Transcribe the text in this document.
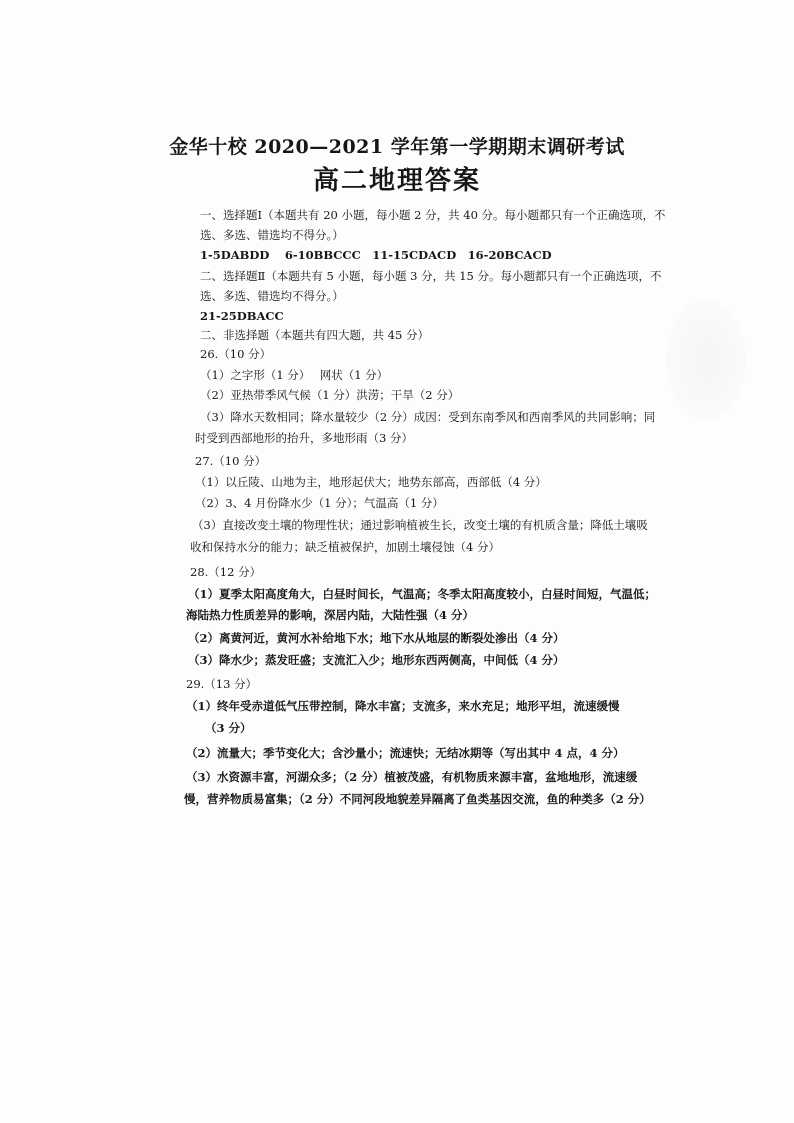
金华十校 2020—2021 学年第一学期期末调研考试
高二地理答案
一、选择题Ⅰ（本题共有 20 小题，每小题 2 分，共 40 分。每小题都只有一个正确选项，不
选、多选、错选均不得分。）
1-5DABDD　 6-10BBCCC　11-15CDACD　16-20BCACD
二、选择题Ⅱ（本题共有 5 小题，每小题 3 分，共 15 分。每小题都只有一个正确选项，不
选、多选、错选均不得分。）
21-25DBACC
二、非选择题（本题共有四大题，共 45 分）
26.（10 分）
（1）之字形（1 分）　 网状（1 分）
（2）亚热带季风气候（1 分）洪涝；干旱（2 分）
（3）降水天数相同；降水量较少（2 分）成因：受到东南季风和西南季风的共同影响；同
时受到西部地形的抬升，多地形雨（3 分）
27.（10 分）
（1）以丘陵、山地为主，地形起伏大；地势东部高，西部低（4 分）
（2）3、4 月份降水少（1 分）；气温高（1 分）
（3）直接改变土壤的物理性状；通过影响植被生长，改变土壤的有机质含量；降低土壤吸
收和保持水分的能力；缺乏植被保护，加剧土壤侵蚀（4 分）
28.（12 分）
（1）夏季太阳高度角大，白昼时间长，气温高；冬季太阳高度较小，白昼时间短，气温低；
海陆热力性质差异的影响，深居内陆，大陆性强（4 分）
（2）离黄河近，黄河水补给地下水；地下水从地层的断裂处渗出（4 分）
（3）降水少；蒸发旺盛；支流汇入少；地形东西两侧高，中间低（4 分）
29.（13 分）
（1）终年受赤道低气压带控制，降水丰富；支流多，来水充足；地形平坦，流速缓慢
（3 分）
（2）流量大；季节变化大；含沙量小；流速快；无结冰期等（写出其中 4 点，4 分）
（3）水资源丰富，河湖众多；（2 分）植被茂盛，有机物质来源丰富，盆地地形，流速缓
慢，营养物质易富集；（2 分）不同河段地貌差异隔离了鱼类基因交流，鱼的种类多（2 分）
